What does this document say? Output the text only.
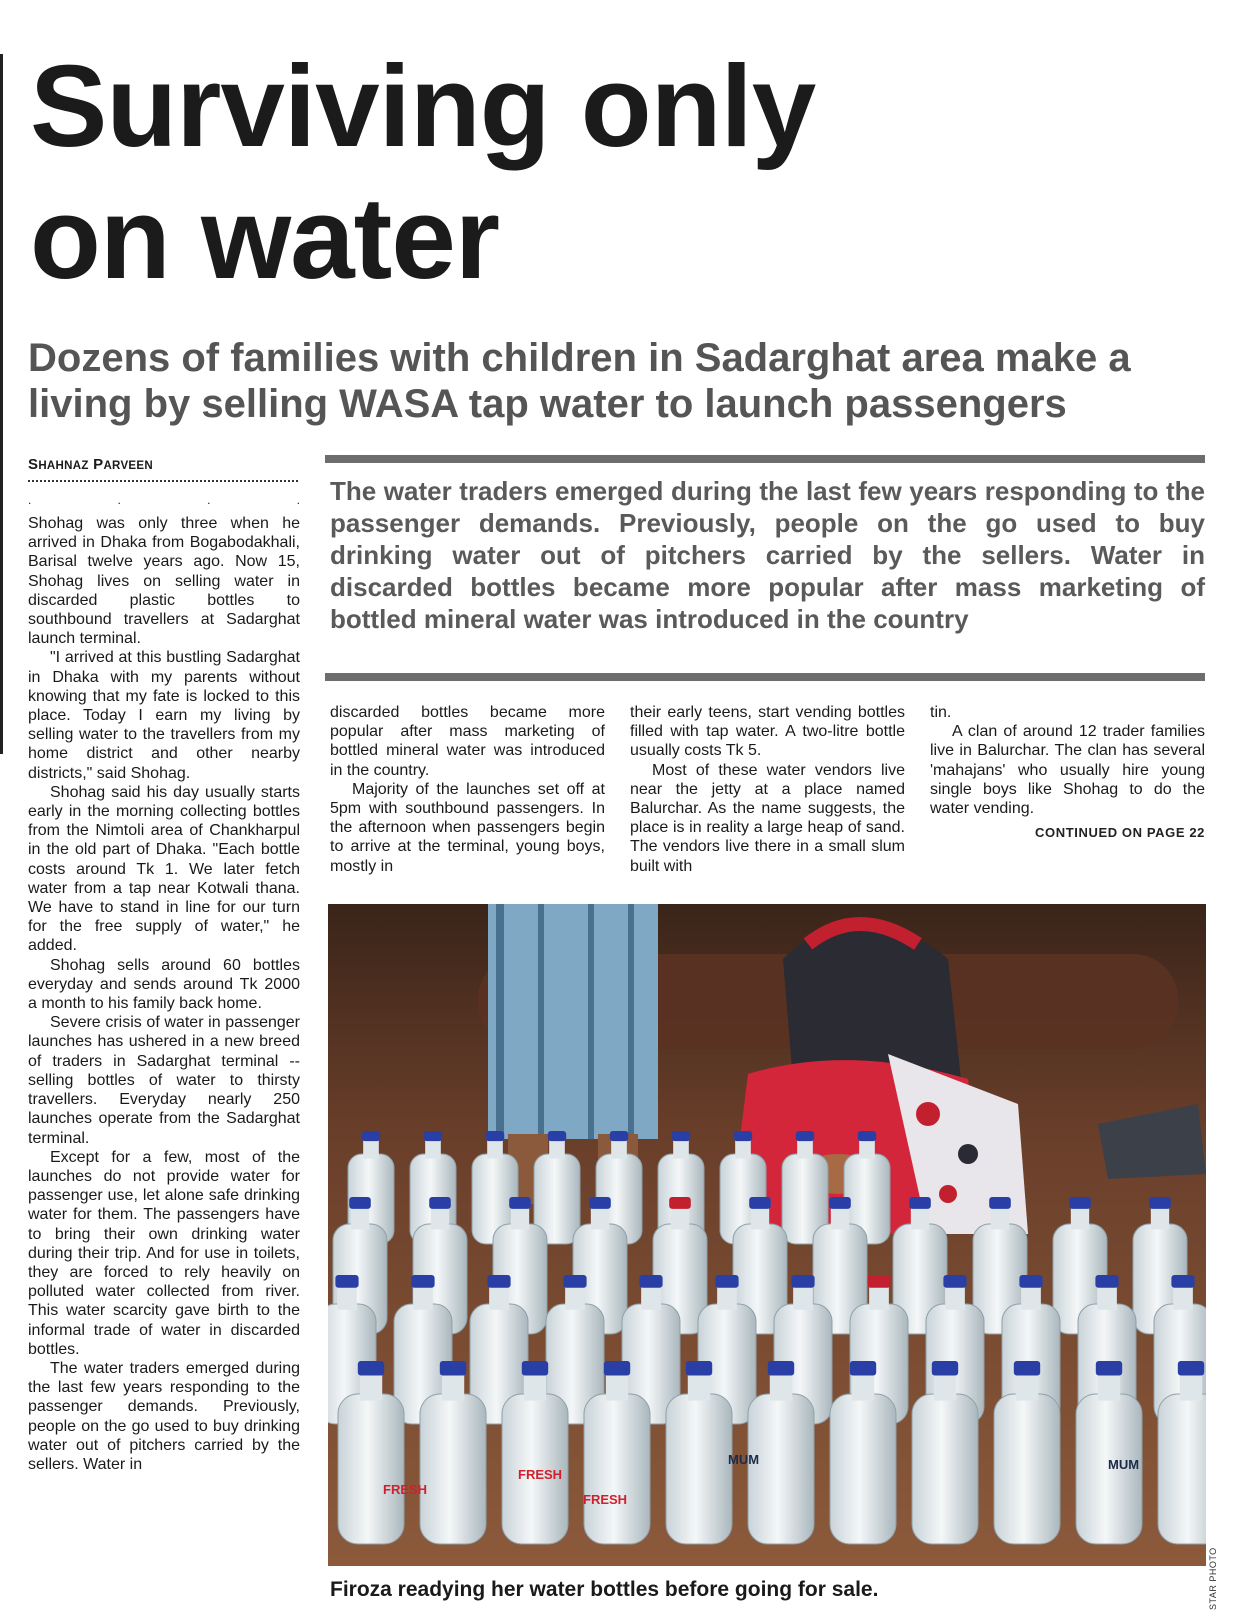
Surviving only
on water
Dozens of families with children in Sadarghat area make a living by selling WASA tap water to launch passengers
SHAHNAZ PARVEEN
.	.	.	.

Shohag was only three when he arrived in Dhaka from Bogabodakhali, Barisal twelve years ago. Now 15, Shohag lives on selling water in discarded plastic bottles to southbound travellers at Sadarghat launch terminal.

"I arrived at this bustling Sadarghat in Dhaka with my parents without knowing that my fate is locked to this place. Today I earn my living by selling water to the travellers from my home district and other nearby districts," said Shohag.

Shohag said his day usually starts early in the morning collecting bottles from the Nimtoli area of Chankharpul in the old part of Dhaka. "Each bottle costs around Tk 1. We later fetch water from a tap near Kotwali thana. We have to stand in line for our turn for the free supply of water," he added.

Shohag sells around 60 bottles everyday and sends around Tk 2000 a month to his family back home.

Severe crisis of water in passenger launches has ushered in a new breed of traders in Sadarghat terminal -- selling bottles of water to thirsty travellers. Everyday nearly 250 launches operate from the Sadarghat terminal.

Except for a few, most of the launches do not provide water for passenger use, let alone safe drinking water for them. The passengers have to bring their own drinking water during their trip. And for use in toilets, they are forced to rely heavily on polluted water collected from river. This water scarcity gave birth to the informal trade of water in discarded bottles.

The water traders emerged during the last few years responding to the passenger demands. Previously, people on the go used to buy drinking water out of pitchers carried by the sellers. Water in

The water traders emerged during the last few years responding to the passenger demands. Previously, people on the go used to buy drinking water out of pitchers carried by the sellers. Water in discarded bottles became more popular after mass marketing of bottled mineral water was introduced in the country

discarded bottles became more popular after mass marketing of bottled mineral water was introduced in the country.

Majority of the launches set off at 5pm with southbound passengers. In the afternoon when passengers begin to arrive at the terminal, young boys, mostly in

their early teens, start vending bottles filled with tap water. A two-litre bottle usually costs Tk 5.

Most of these water vendors live near the jetty at a place named Balurchar. As the name suggests, the place is in reality a large heap of sand. The vendors live there in a small slum built with

tin.

A clan of around 12 trader families live in Balurchar. The clan has several 'mahajans' who usually hire young single boys like Shohag to do the water vending.

CONTINUED ON PAGE 22
FRESH
FRESH
FRESH
MUM	MUM
STAR PHOTO
Firoza readying her water bottles before going for sale.
